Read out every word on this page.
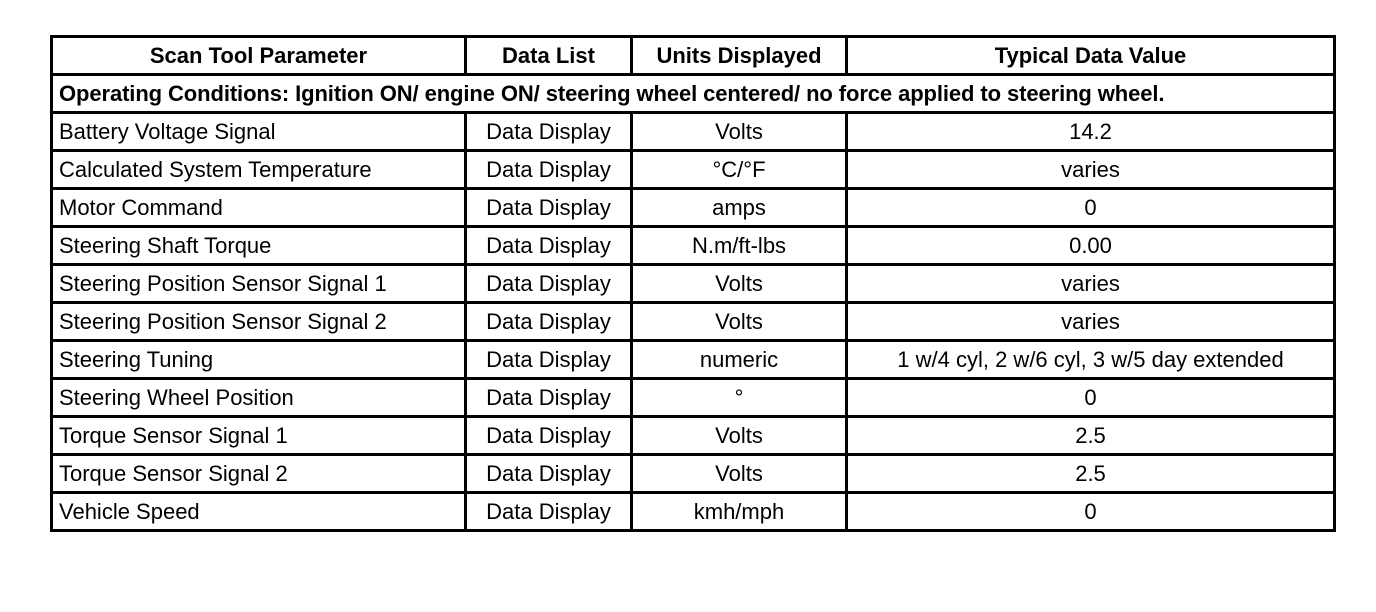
Scan Tool Parameter	Data List	Units Displayed	Typical Data Value
Operating Conditions: Ignition ON/ engine ON/ steering wheel centered/ no force applied to steering wheel.			
Battery Voltage Signal	Data Display	Volts	14.2
Calculated System Temperature	Data Display	°C/°F	varies
Motor Command	Data Display	amps	0
Steering Shaft Torque	Data Display	N.m/ft-lbs	0.00
Steering Position Sensor Signal 1	Data Display	Volts	varies
Steering Position Sensor Signal 2	Data Display	Volts	varies
Steering Tuning	Data Display	numeric	1 w/4 cyl, 2 w/6 cyl, 3 w/5 day extended
Steering Wheel Position	Data Display	°	0
Torque Sensor Signal 1	Data Display	Volts	2.5
Torque Sensor Signal 2	Data Display	Volts	2.5
Vehicle Speed	Data Display	kmh/mph	0
